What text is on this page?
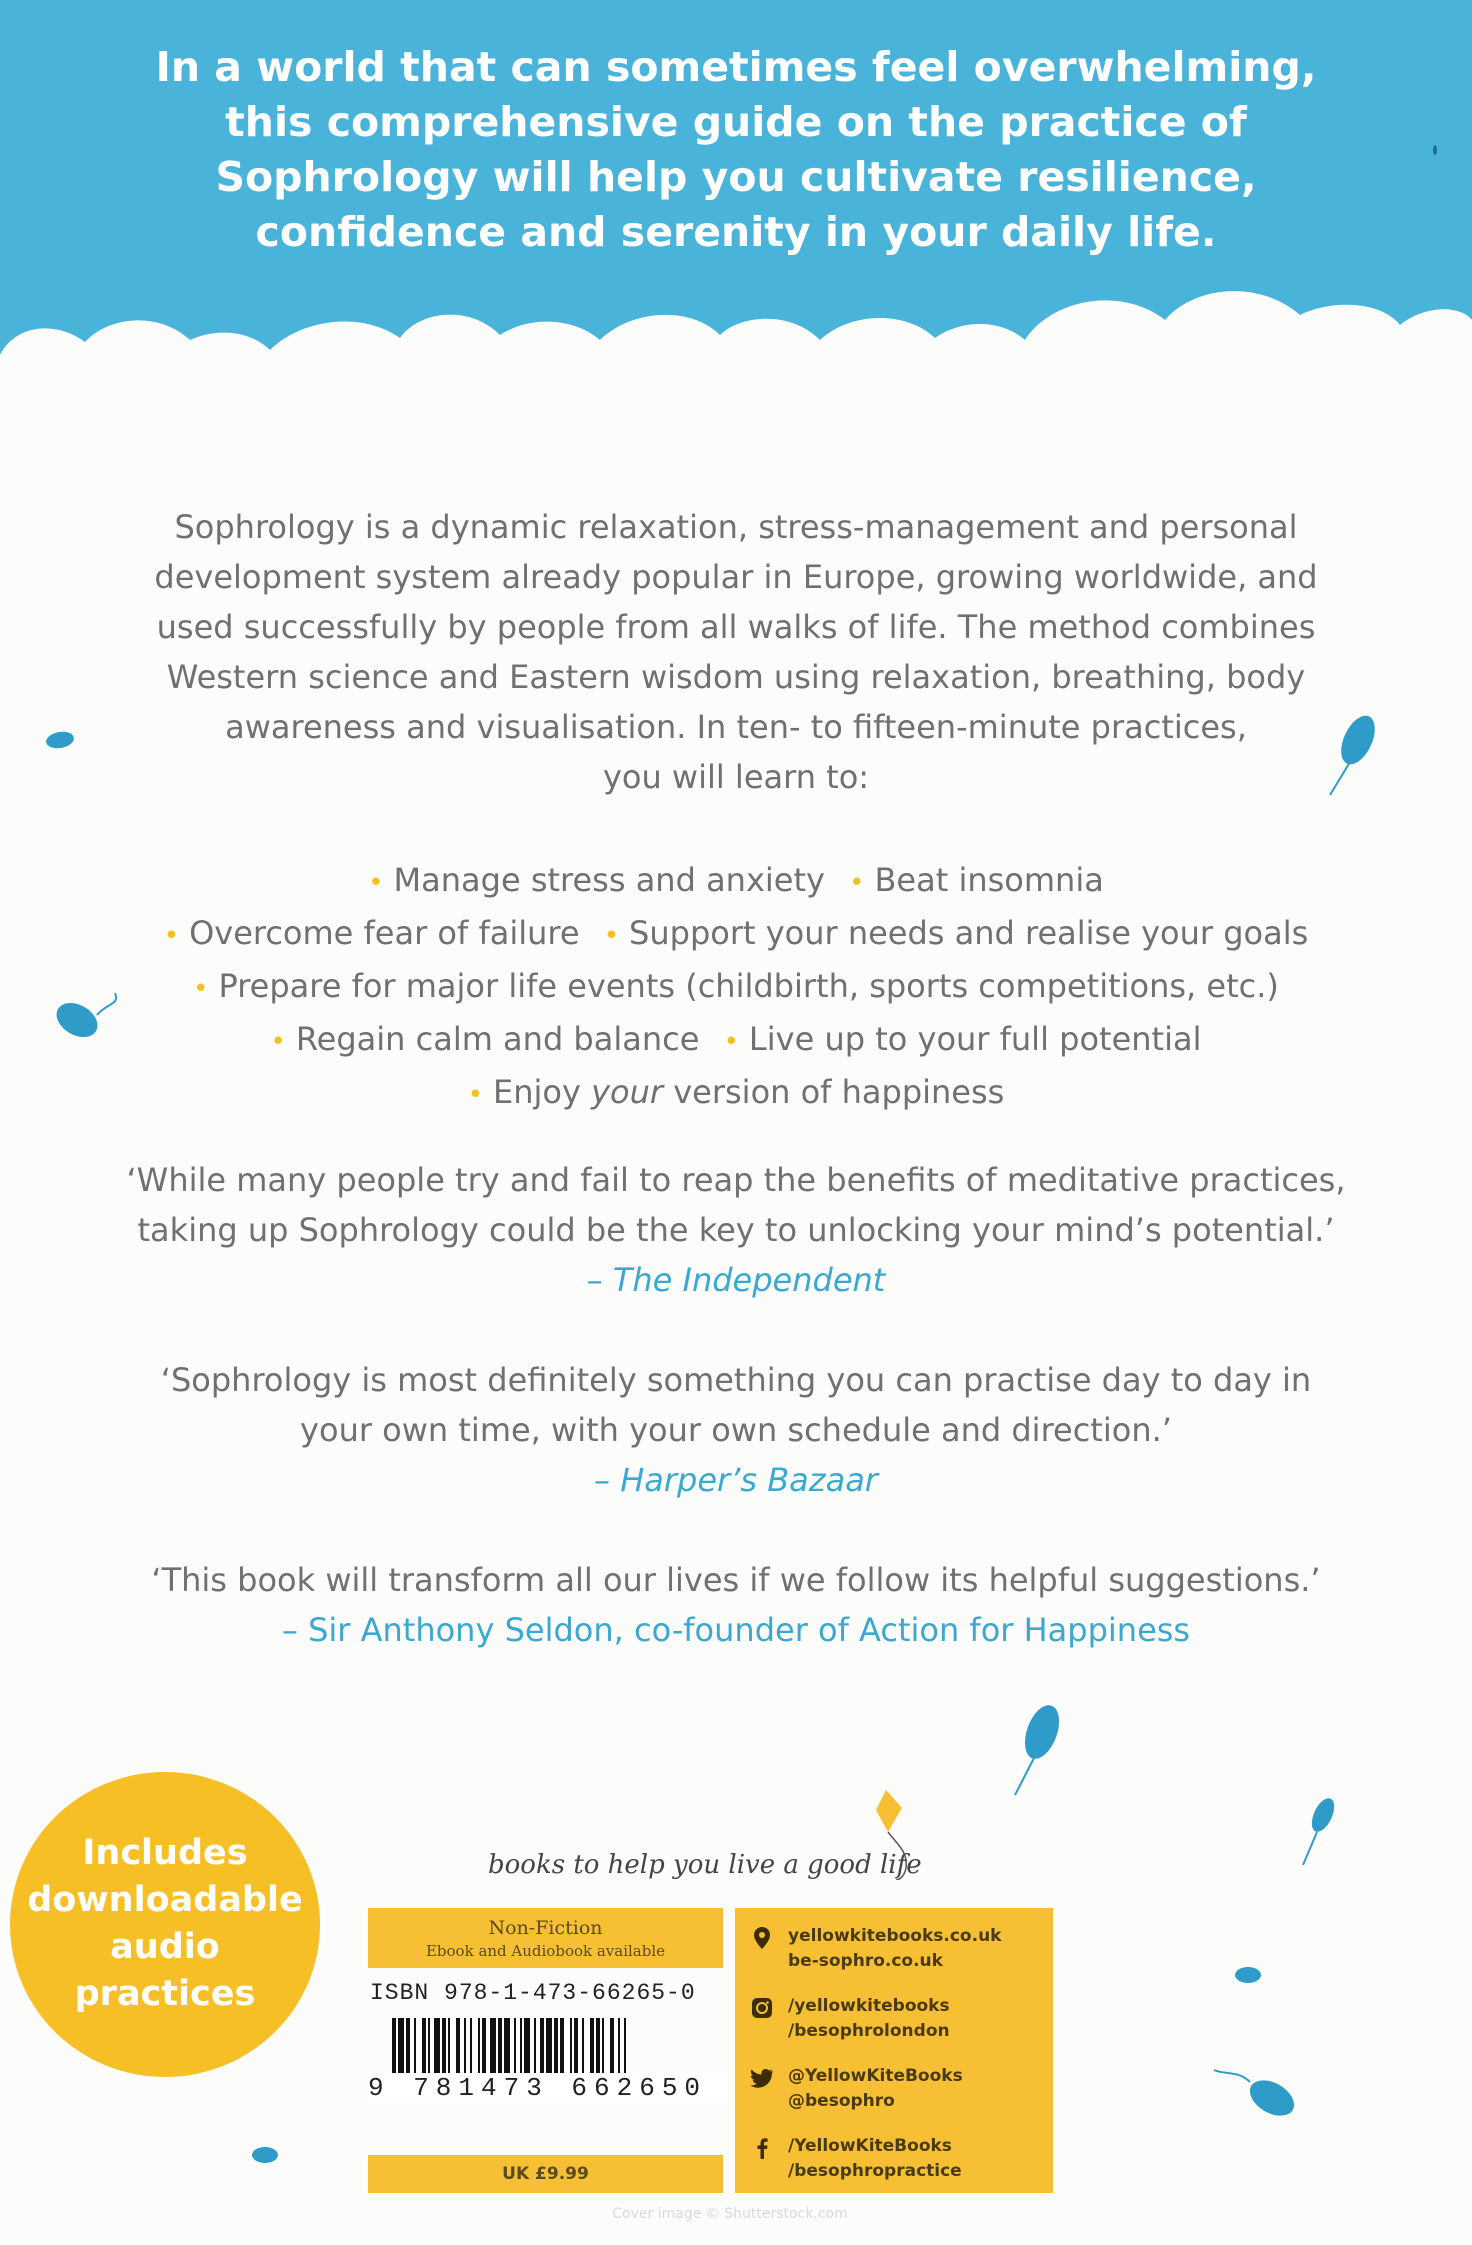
In a world that can sometimes feel overwhelming,
this comprehensive guide on the practice of
Sophrology will help you cultivate resilience,
confidence and serenity in your daily life.
Sophrology is a dynamic relaxation, stress-management and personal
development system already popular in Europe, growing worldwide, and
used successfully by people from all walks of life. The method combines
Western science and Eastern wisdom using relaxation, breathing, body
awareness and visualisation. In ten- to fifteen-minute practices,
you will learn to:
• Manage stress and anxiety • Beat insomnia
• Overcome fear of failure • Support your needs and realise your goals
• Prepare for major life events (childbirth, sports competitions, etc.)
• Regain calm and balance • Live up to your full potential
• Enjoy your version of happiness
‘While many people try and fail to reap the benefits of meditative practices,
taking up Sophrology could be the key to unlocking your mind’s potential.’
– The Independent
‘Sophrology is most definitely something you can practise day to day in
your own time, with your own schedule and direction.’
– Harper’s Bazaar
‘This book will transform all our lives if we follow its helpful suggestions.’
– Sir Anthony Seldon, co-founder of Action for Happiness
Includes
downloadable
audio
practices
books to help you live a good life
Non-Fiction
Ebook and Audiobook available
ISBN 978-1-473-66265-0
9 781473 662650
UK £9.99
yellowkitebooks.co.uk
be-sophro.co.uk
/yellowkitebooks
/besophrolondon
@YellowKiteBooks
@besophro
/YellowKiteBooks
/besophropractice
Cover image © Shutterstock.com
